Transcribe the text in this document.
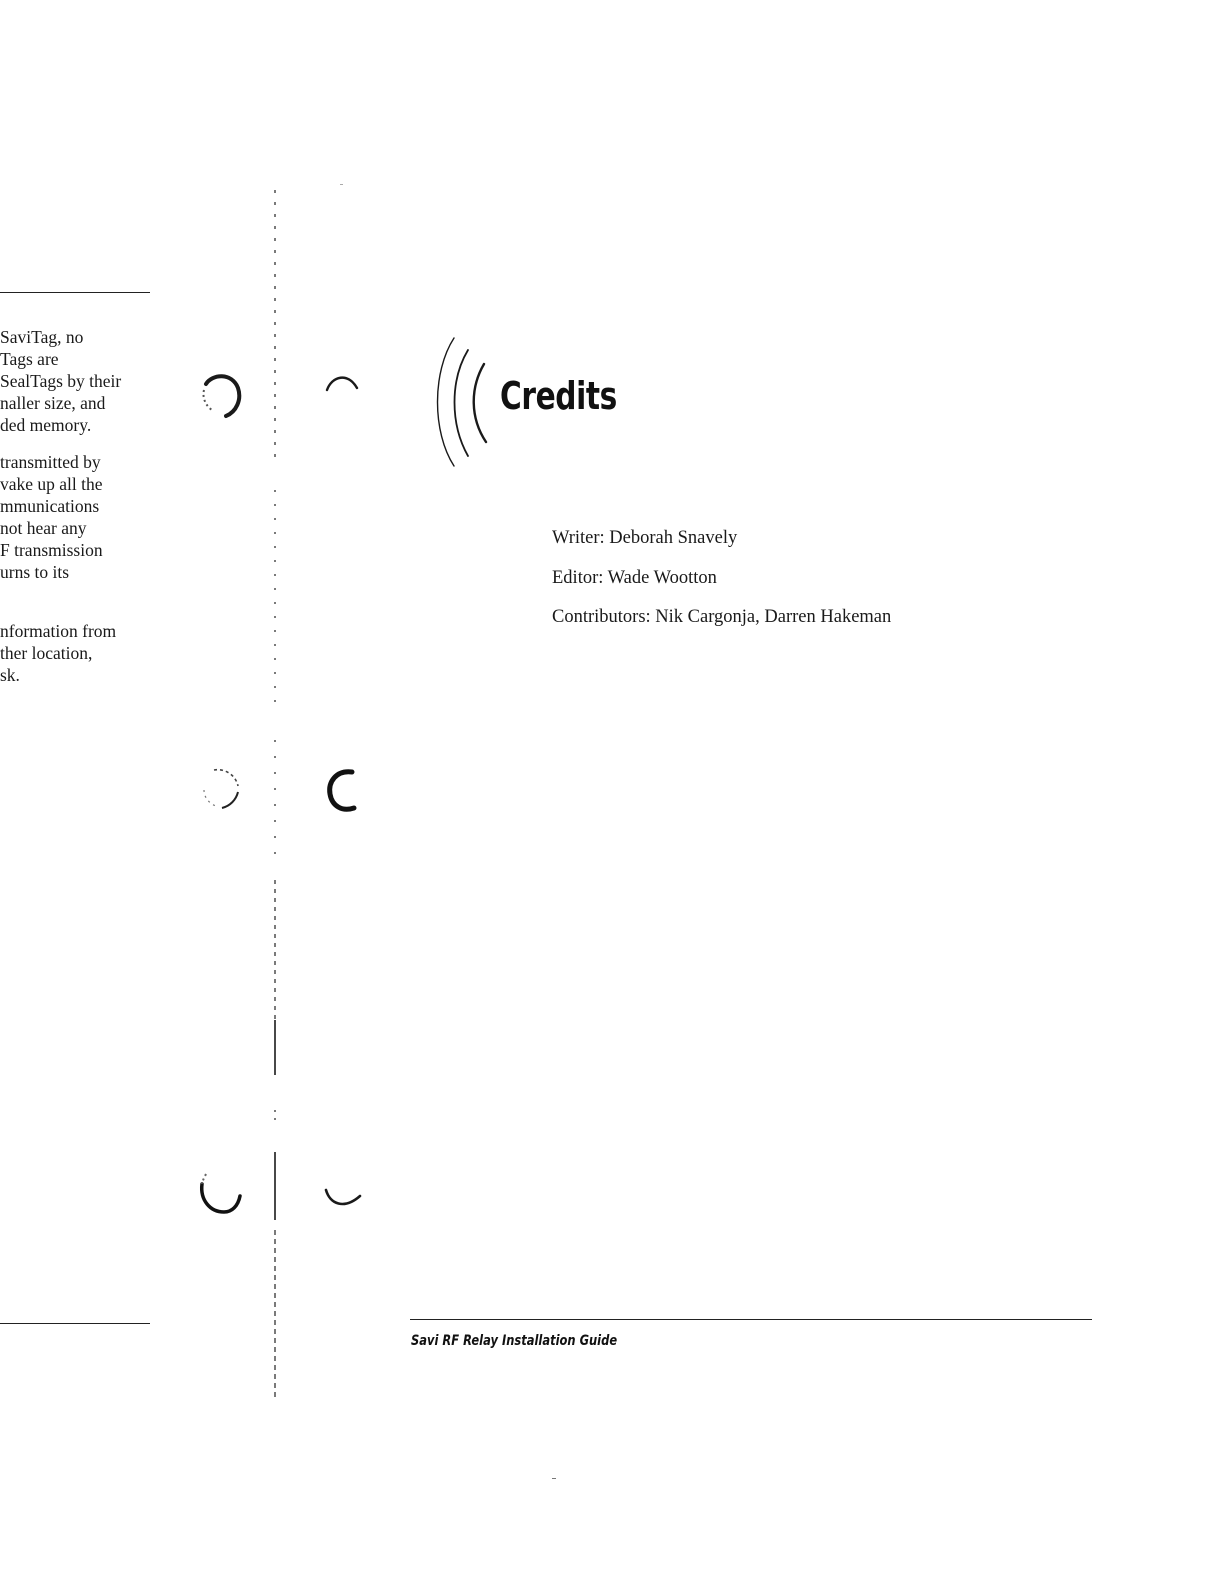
SaviTag, no
Tags are
SealTags by their
naller size, and
ded memory.
transmitted by
vake up all the
mmunications
not hear any
F transmission
urns to its
nformation from
ther location,
sk.
Credits
Writer: Deborah Snavely
Editor: Wade Wootton
Contributors: Nik Cargonja, Darren Hakeman
Savi RF Relay Installation Guide
